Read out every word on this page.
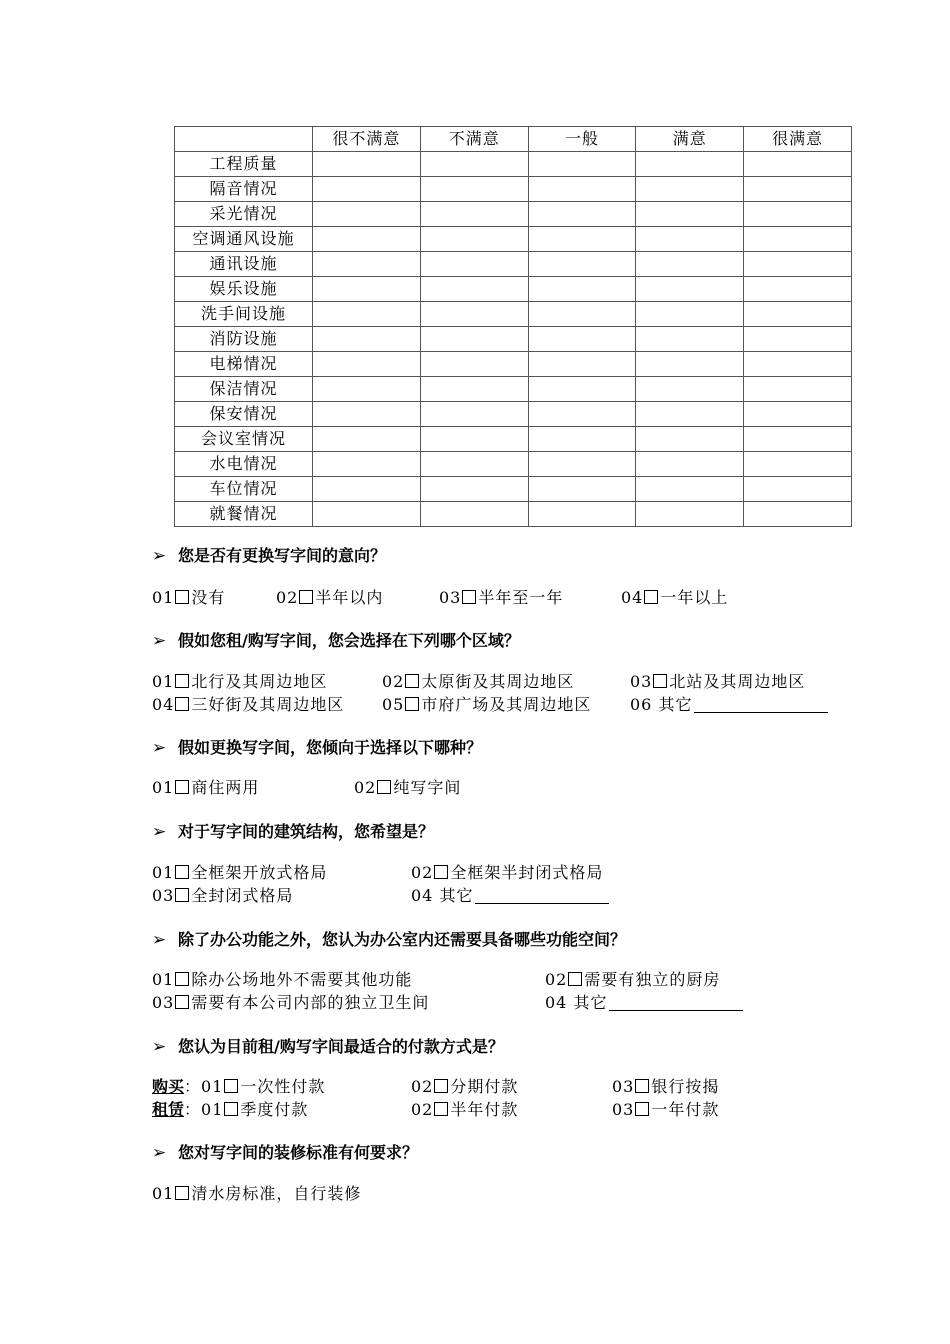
	很不满意	不满意	一般	满意	很满意
工程质量					
隔音情况					
采光情况					
空调通风设施					
通讯设施					
娱乐设施					
洗手间设施					
消防设施					
电梯情况					
保洁情况					
保安情况					
会议室情况					
水电情况					
车位情况					
就餐情况					
➢ 您是否有更换写字间的意向？
01 没有	02 半年以内	03 半年至一年	04 一年以上
➢ 假如您租/购写字间，您会选择在下列哪个区域？
01 北行及其周边地区	02 太原街及其周边地区	03 北站及其周边地区
04 三好街及其周边地区 05 市府广场及其周边地区 06 其它
➢ 假如更换写字间，您倾向于选择以下哪种？
01 商住两用	02 纯写字间
➢ 对于写字间的建筑结构，您希望是？
01 全框架开放式格局	02 全框架半封闭式格局
03 全封闭式格局	04 其它
➢ 除了办公功能之外，您认为办公室内还需要具备哪些功能空间？
01 除办公场地外不需要其他功能	02 需要有独立的厨房
03 需要有本公司内部的独立卫生间	04 其它
➢ 您认为目前租/购写字间最适合的付款方式是？
购买：01 一次性付款	02 分期付款	03 银行按揭
租赁：01 季度付款	02 半年付款	03 一年付款
➢ 您对写字间的装修标准有何要求？
01 清水房标准，自行装修
